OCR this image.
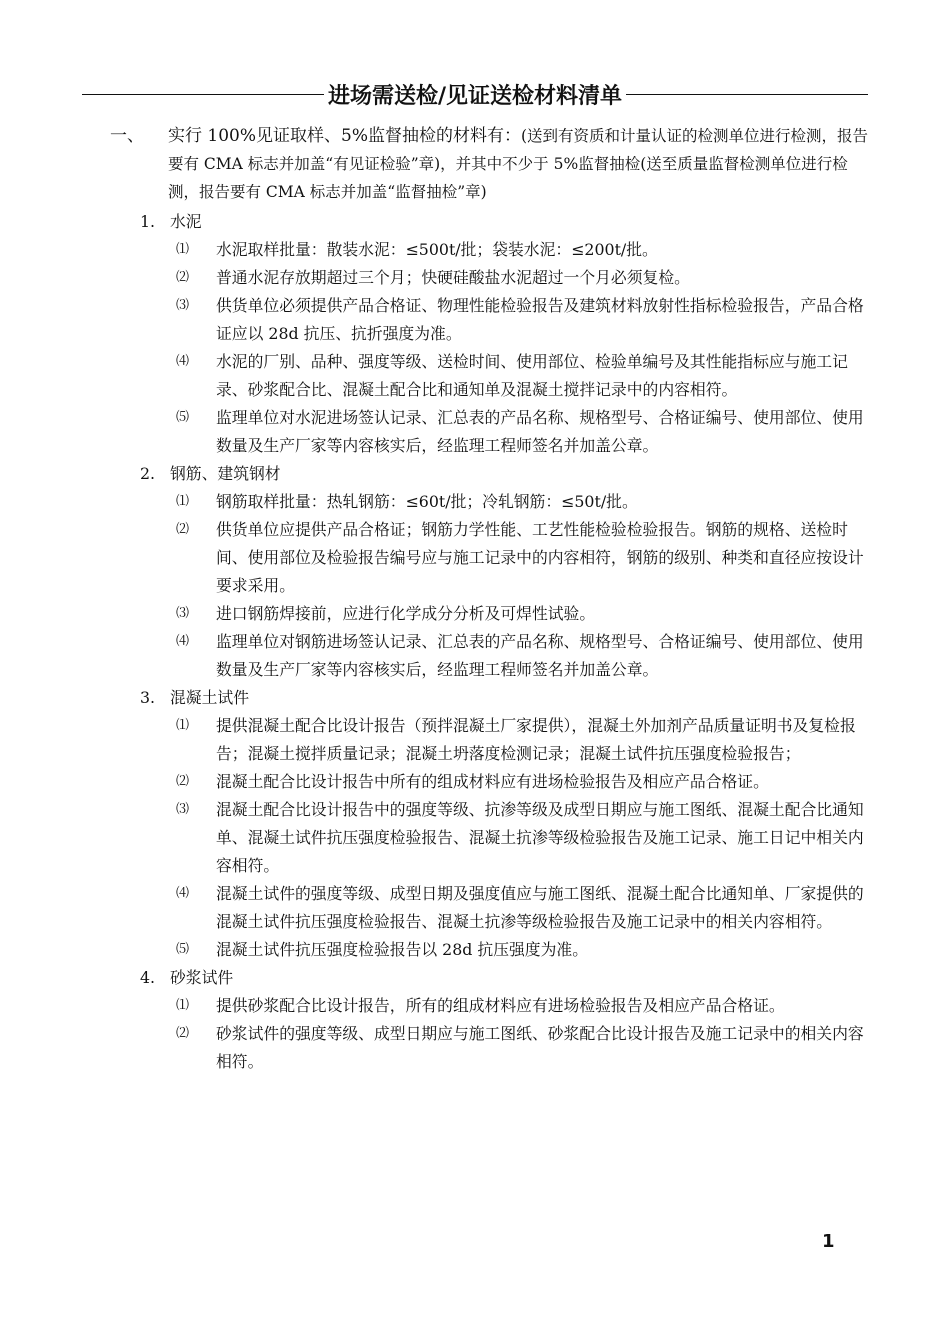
进场需送检/见证送检材料清单
一、 实行 100%见证取样、5%监督抽检的材料有：(送到有资质和计量认证的检测单位进行检测，报告要有 CMA 标志并加盖“有见证检验”章)，并其中不少于 5%监督抽检(送至质量监督检测单位进行检测，报告要有 CMA 标志并加盖“监督抽检”章)

1. 水泥

⑴ 水泥取样批量：散装水泥：≤500t/批；袋装水泥：≤200t/批。

⑵ 普通水泥存放期超过三个月；快硬硅酸盐水泥超过一个月必须复检。

⑶ 供货单位必须提供产品合格证、物理性能检验报告及建筑材料放射性指标检验报告，产品合格证应以 28d 抗压、抗折强度为准。

⑷ 水泥的厂别、品种、强度等级、送检时间、使用部位、检验单编号及其性能指标应与施工记录、砂浆配合比、混凝土配合比和通知单及混凝土搅拌记录中的内容相符。

⑸ 监理单位对水泥进场签认记录、汇总表的产品名称、规格型号、合格证编号、使用部位、使用数量及生产厂家等内容核实后，经监理工程师签名并加盖公章。

2. 钢筋、建筑钢材

⑴ 钢筋取样批量：热轧钢筋：≤60t/批；冷轧钢筋：≤50t/批。

⑵ 供货单位应提供产品合格证；钢筋力学性能、工艺性能检验检验报告。钢筋的规格、送检时间、使用部位及检验报告编号应与施工记录中的内容相符，钢筋的级别、种类和直径应按设计要求采用。

⑶ 进口钢筋焊接前，应进行化学成分分析及可焊性试验。

⑷ 监理单位对钢筋进场签认记录、汇总表的产品名称、规格型号、合格证编号、使用部位、使用数量及生产厂家等内容核实后，经监理工程师签名并加盖公章。

3. 混凝土试件

⑴ 提供混凝土配合比设计报告（预拌混凝土厂家提供），混凝土外加剂产品质量证明书及复检报告；混凝土搅拌质量记录；混凝土坍落度检测记录；混凝土试件抗压强度检验报告；

⑵ 混凝土配合比设计报告中所有的组成材料应有进场检验报告及相应产品合格证。

⑶ 混凝土配合比设计报告中的强度等级、抗渗等级及成型日期应与施工图纸、混凝土配合比通知单、混凝土试件抗压强度检验报告、混凝土抗渗等级检验报告及施工记录、施工日记中相关内容相符。

⑷ 混凝土试件的强度等级、成型日期及强度值应与施工图纸、混凝土配合比通知单、厂家提供的混凝土试件抗压强度检验报告、混凝土抗渗等级检验报告及施工记录中的相关内容相符。

⑸ 混凝土试件抗压强度检验报告以 28d 抗压强度为准。

4. 砂浆试件

⑴ 提供砂浆配合比设计报告，所有的组成材料应有进场检验报告及相应产品合格证。

⑵ 砂浆试件的强度等级、成型日期应与施工图纸、砂浆配合比设计报告及施工记录中的相关内容相符。

1
